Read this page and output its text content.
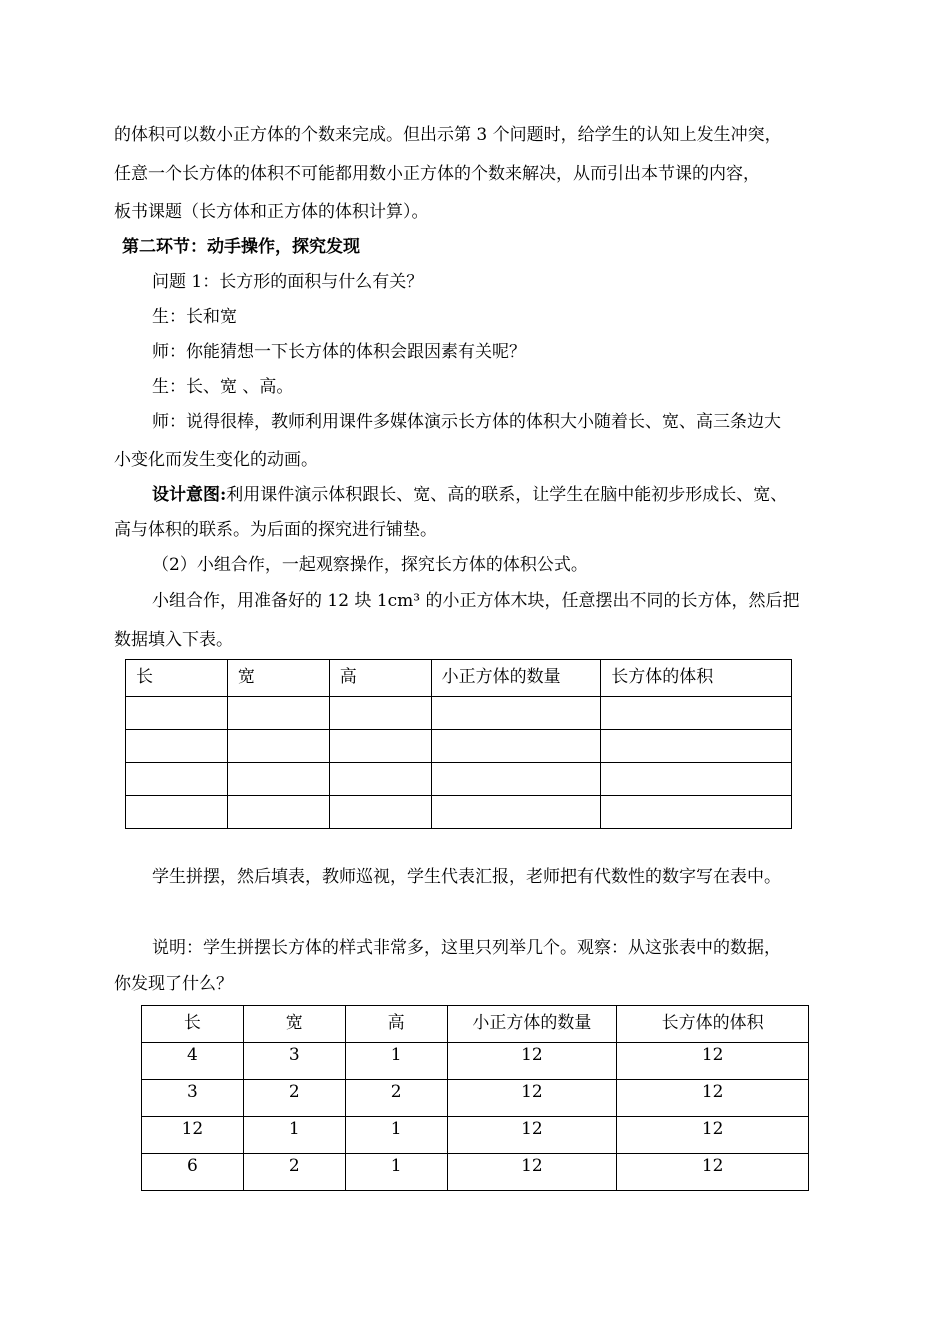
的体积可以数小正方体的个数来完成。但出示第 3 个问题时，给学生的认知上发生冲突，
任意一个长方体的体积不可能都用数小正方体的个数来解决，从而引出本节课的内容，
板书课题（长方体和正方体的体积计算）。
第二环节：动手操作，探究发现
问题 1：长方形的面积与什么有关？
生：长和宽
师：你能猜想一下长方体的体积会跟因素有关呢？
生：长、宽 、高。
师：说得很棒，教师利用课件多媒体演示长方体的体积大小随着长、宽、高三条边大
小变化而发生变化的动画。
设计意图:利用课件演示体积跟长、宽、高的联系，让学生在脑中能初步形成长、宽、
高与体积的联系。为后面的探究进行铺垫。
（2）小组合作，一起观察操作，探究长方体的体积公式。
小组合作，用准备好的 12 块 1cm³ 的小正方体木块，任意摆出不同的长方体，然后把
数据填入下表。
长	宽	高	小正方体的数量	长方体的体积

学生拼摆，然后填表，教师巡视，学生代表汇报，老师把有代数性的数字写在表中。
说明：学生拼摆长方体的样式非常多，这里只列举几个。观察：从这张表中的数据，
你发现了什么？
长	宽	高	小正方体的数量	长方体的体积
4	3	1	12	12
3	2	2	12	12
12	1	1	12	12
6	2	1	12	12
